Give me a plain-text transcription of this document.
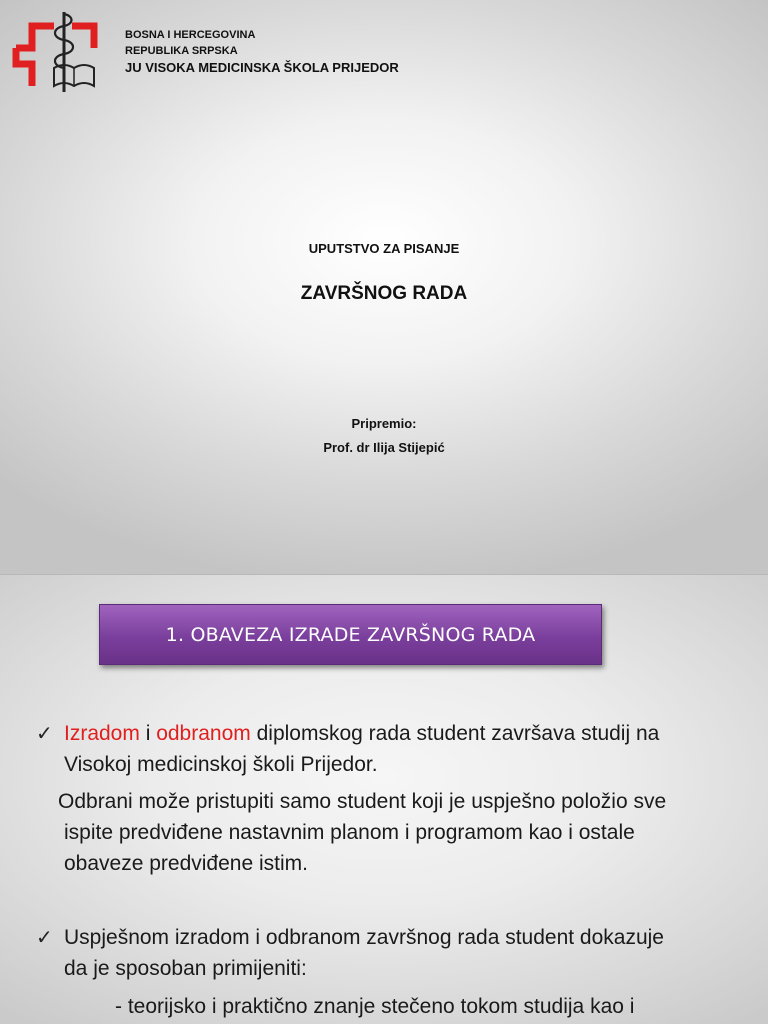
BOSNA I HERCEGOVINA
REPUBLIKA SRPSKA
JU VISOKA MEDICINSKA ŠKOLA PRIJEDOR
UPUTSTVO ZA PISANJE
ZAVRŠNOG RADA
Pripremio:
Prof. dr Ilija Stijepić
1. OBAVEZA IZRADE ZAVRŠNOG RADA
✓ Izradom i odbranom diplomskog rada student završava studij na
Visokoj medicinskoj školi Prijedor.
Odbrani može pristupiti samo student koji je uspješno položio sve
ispite predviđene nastavnim planom i programom kao i ostale
obaveze predviđene istim.
✓ Uspješnom izradom i odbranom završnog rada student dokazuje
da je sposoban primijeniti:
- teorijsko i praktično znanje stečeno tokom studija kao i
